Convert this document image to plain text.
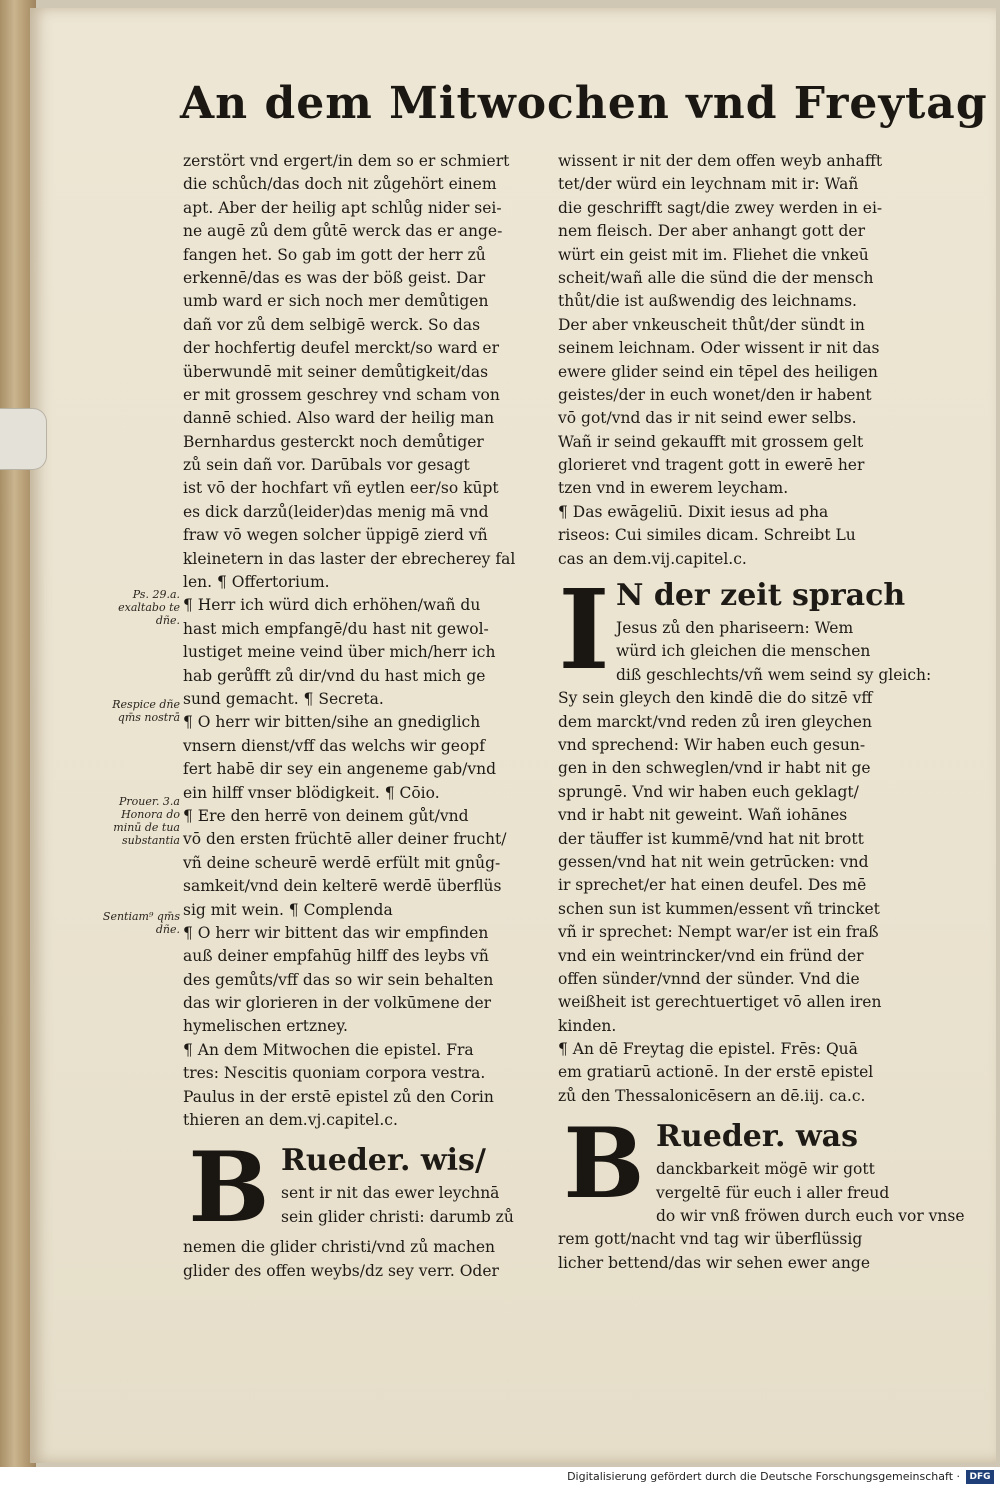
An dem Mitwochen vnd Freytag
Ps. 29.a. exaltabo te dñe.
Respice dñe qm̄s nostrā
Prouer. 3.a Honora do minū de tua substantia
Sentiam⁹ qm̄s dñe.
zerstört vnd ergert/in dem so er schmiert
die schůch/das doch nit zůgehört einem
apt. Aber der heilig apt schlůg nider sei-
ne augē zů dem gůtē werck das er ange-
fangen het. So gab im gott der herr zů
erkennē/das es was der böß geist. Dar
umb ward er sich noch mer demůtigen
dañ vor zů dem selbigē werck. So das
der hochfertig deufel merckt/so ward er
überwundē mit seiner demůtigkeit/das
er mit grossem geschrey vnd scham von
dannē schied. Also ward der heilig man
Bernhardus gesterckt noch demůtiger
zů sein dañ vor. Darūbals vor gesagt
ist vō der hochfart vñ eytlen eer/so kūpt
es dick darzů(leider)das menig mā vnd
fraw vō wegen solcher üppigē zierd vñ
kleinetern in das laster der ebrecherey fal
len. ¶ Offertorium.
¶ Herr ich würd dich erhöhen/wañ du
hast mich empfangē/du hast nit gewol-
lustiget meine veind über mich/herr ich
hab gerůfft zů dir/vnd du hast mich ge
sund gemacht. ¶ Secreta.
¶ O herr wir bitten/sihe an gnediglich
vnsern dienst/vff das welchs wir geopf
fert habē dir sey ein angeneme gab/vnd
ein hilff vnser blödigkeit. ¶ Cōio.
¶ Ere den herrē von deinem gůt/vnd
vō den ersten früchtē aller deiner frucht/
vñ deine scheurē werdē erfült mit gnůg-
samkeit/vnd dein kelterē werdē überflüs
sig mit wein. ¶ Complenda
¶ O herr wir bittent das wir empfinden
auß deiner empfahūg hilff des leybs vñ
des gemůts/vff das so wir sein behalten
das wir glorieren in der volkūmene der
hymelischen ertzney.
¶ An dem Mitwochen die epistel. Fra
tres: Nescitis quoniam corpora vestra.
Paulus in der erstē epistel zů den Corin
thieren an dem.vj.capitel.c.
B Rueder. wis/
sent ir nit das ewer leychnā
sein glider christi: darumb zů
nemen die glider christi/vnd zů machen
glider des offen weybs/dz sey verr. Oder
wissent ir nit der dem offen weyb anhafft
tet/der würd ein leychnam mit ir: Wañ
die geschrifft sagt/die zwey werden in ei-
nem fleisch. Der aber anhangt gott der
würt ein geist mit im. Fliehet die vnkeū
scheit/wañ alle die sünd die der mensch
thůt/die ist außwendig des leichnams.
Der aber vnkeuscheit thůt/der sündt in
seinem leichnam. Oder wissent ir nit das
ewere glider seind ein tēpel des heiligen
geistes/der in euch wonet/den ir habent
vō got/vnd das ir nit seind ewer selbs.
Wañ ir seind gekaufft mit grossem gelt
glorieret vnd tragent gott in ewerē her
tzen vnd in ewerem leycham.
¶ Das ewāgeliū. Dixit iesus ad pha
riseos: Cui similes dicam. Schreibt Lu
cas an dem.vij.capitel.c.
I N der zeit sprach
Jesus zů den phariseern: Wem
würd ich gleichen die menschen
diß geschlechts/vñ wem seind sy gleich:
Sy sein gleych den kindē die do sitzē vff
dem marckt/vnd reden zů iren gleychen
vnd sprechend: Wir haben euch gesun-
gen in den schweglen/vnd ir habt nit ge
sprungē. Vnd wir haben euch geklagt/
vnd ir habt nit geweint. Wañ iohānes
der täuffer ist kummē/vnd hat nit brott
gessen/vnd hat nit wein getrūcken: vnd
ir sprechet/er hat einen deufel. Des mē
schen sun ist kummen/essent vñ trincket
vñ ir sprechet: Nempt war/er ist ein fraß
vnd ein weintrincker/vnd ein fründ der
offen sünder/vnnd der sünder. Vnd die
weißheit ist gerechtuertiget vō allen iren
kinden.
¶ An dē Freytag die epistel. Frēs: Quā
em gratiarū actionē. In der erstē epistel
zů den Thessalonicēsern an dē.iij. ca.c.
B Rueder. was
danckbarkeit mögē wir gott
vergeltē für euch i aller freud
do wir vnß fröwen durch euch vor vnse
rem gott/nacht vnd tag wir überflüssig
licher bettend/das wir sehen ewer ange
Digitalisierung gefördert durch die Deutsche Forschungsgemeinschaft ·	DFG
